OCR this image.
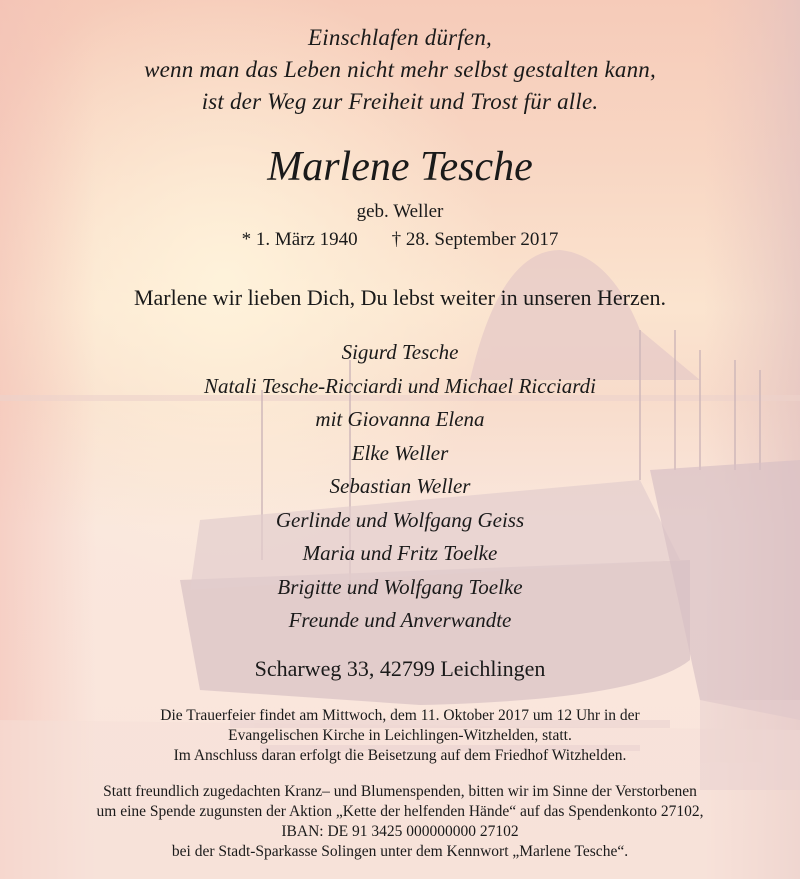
Einschlafen dürfen,
wenn man das Leben nicht mehr selbst gestalten kann,
ist der Weg zur Freiheit und Trost für alle.
Marlene Tesche
geb. Weller
* 1. März 1940 † 28. September 2017
Marlene wir lieben Dich, Du lebst weiter in unseren Herzen.
Sigurd Tesche
Natali Tesche-Ricciardi und Michael Ricciardi
mit Giovanna Elena
Elke Weller
Sebastian Weller
Gerlinde und Wolfgang Geiss
Maria und Fritz Toelke
Brigitte und Wolfgang Toelke
Freunde und Anverwandte
Scharweg 33, 42799 Leichlingen
Die Trauerfeier findet am Mittwoch, dem 11. Oktober 2017 um 12 Uhr in der
Evangelischen Kirche in Leichlingen-Witzhelden, statt.
Im Anschluss daran erfolgt die Beisetzung auf dem Friedhof Witzhelden.
Statt freundlich zugedachten Kranz– und Blumenspenden, bitten wir im Sinne der Verstorbenen
um eine Spende zugunsten der Aktion „Kette der helfenden Hände“ auf das Spendenkonto 27102,
IBAN: DE 91 3425 000000000 27102
bei der Stadt-Sparkasse Solingen unter dem Kennwort „Marlene Tesche“.
